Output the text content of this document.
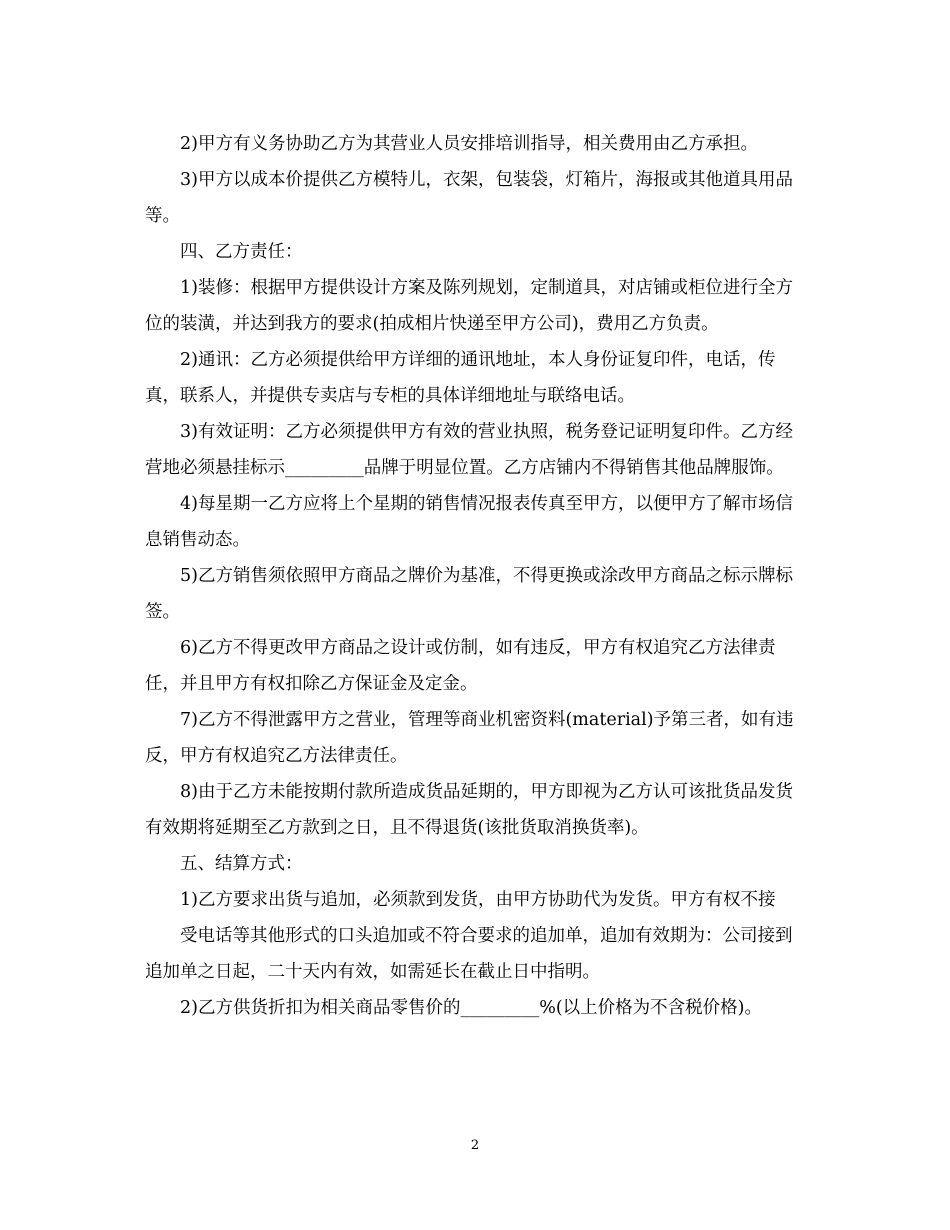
2)甲方有义务协助乙方为其营业人员安排培训指导，相关费用由乙方承担。

3)甲方以成本价提供乙方模特儿，衣架，包装袋，灯箱片，海报或其他道具用品等。

四、乙方责任：

1)装修：根据甲方提供设计方案及陈列规划，定制道具，对店铺或柜位进行全方位的装潢，并达到我方的要求(拍成相片快递至甲方公司)，费用乙方负责。

2)通讯：乙方必须提供给甲方详细的通讯地址，本人身份证复印件，电话，传真，联系人，并提供专卖店与专柜的具体详细地址与联络电话。

3)有效证明：乙方必须提供甲方有效的营业执照，税务登记证明复印件。乙方经营地必须悬挂标示_________品牌于明显位置。乙方店铺内不得销售其他品牌服饰。

4)每星期一乙方应将上个星期的销售情况报表传真至甲方，以便甲方了解市场信息销售动态。

5)乙方销售须依照甲方商品之牌价为基准，不得更换或涂改甲方商品之标示牌标签。

6)乙方不得更改甲方商品之设计或仿制，如有违反，甲方有权追究乙方法律责任，并且甲方有权扣除乙方保证金及定金。

7)乙方不得泄露甲方之营业，管理等商业机密资料(material)予第三者，如有违反，甲方有权追究乙方法律责任。

8)由于乙方未能按期付款所造成货品延期的，甲方即视为乙方认可该批货品发货有效期将延期至乙方款到之日，且不得退货(该批货取消换货率)。

五、结算方式：

1)乙方要求出货与追加，必须款到发货，由甲方协助代为发货。甲方有权不接

受电话等其他形式的口头追加或不符合要求的追加单，追加有效期为：公司接到追加单之日起，二十天内有效，如需延长在截止日中指明。

2)乙方供货折扣为相关商品零售价的_________%(以上价格为不含税价格)。

2
